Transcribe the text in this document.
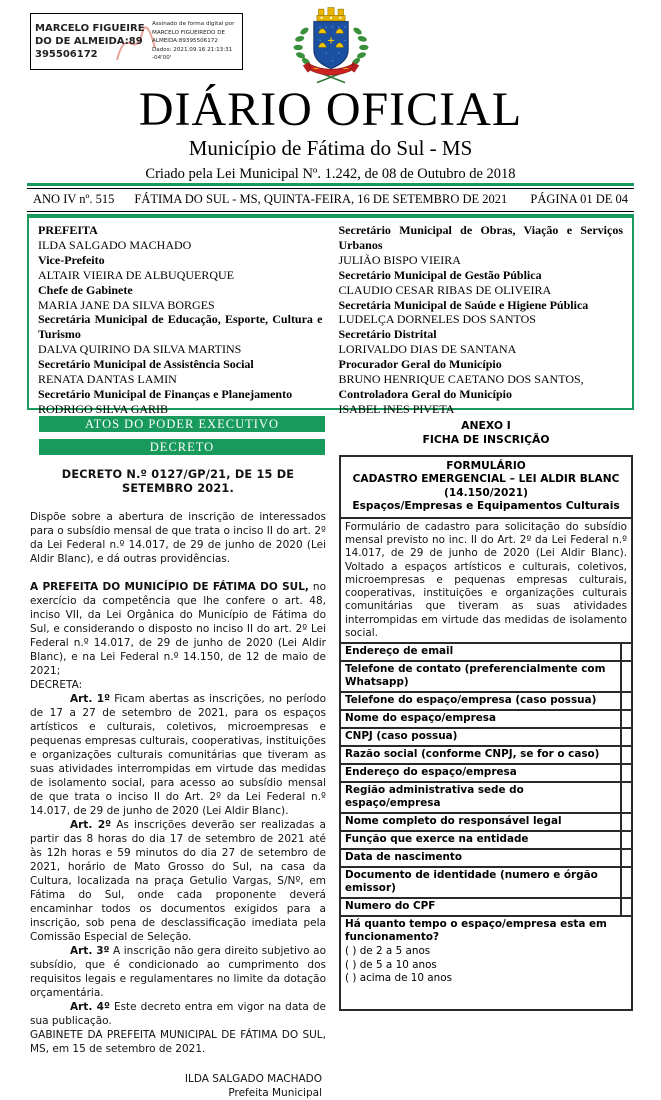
MARCELO FIGUEIREDO DE ALMEIDA:89395506172
Assinado de forma digital por
MARCELO FIGUEIREDO DE
ALMEIDA:89395506172
Dados: 2021.09.16 21:13:31 -04'00'
DIÁRIO OFICIAL
Município de Fátima do Sul - MS
Criado pela Lei Municipal Nº. 1.242, de 08 de Outubro de 2018
ANO IV nº. 515 FÁTIMA DO SUL - MS, QUINTA-FEIRA, 16 DE SETEMBRO DE 2021 PÁGINA 01 DE 04
PREFEITA
ILDA SALGADO MACHADO
Vice-Prefeito
ALTAIR VIEIRA DE ALBUQUERQUE
Chefe de Gabinete
MARIA JANE DA SILVA BORGES
Secretária Municipal de Educação, Esporte, Cultura e Turismo
DALVA QUIRINO DA SILVA MARTINS
Secretário Municipal de Assistência Social
RENATA DANTAS LAMIN
Secretário Municipal de Finanças e Planejamento
RODRIGO SILVA GARIB
Secretário Municipal de Obras, Viação e Serviços Urbanos
JULIÃO BISPO VIEIRA
Secretário Municipal de Gestão Pública
CLAUDIO CESAR RIBAS DE OLIVEIRA
Secretária Municipal de Saúde e Higiene Pública
LUDELÇA DORNELES DOS SANTOS
Secretário Distrital
LORIVALDO DIAS DE SANTANA
Procurador Geral do Município
BRUNO HENRIQUE CAETANO DOS SANTOS,
Controladora Geral do Município
ISABEL INES PIVETA
ATOS DO PODER EXECUTIVO
DECRETO
DECRETO N.º 0127/GP/21, DE 15 DE SETEMBRO 2021.
Dispõe sobre a abertura de inscrição de interessados para o subsídio mensal de que trata o inciso II do art. 2º da Lei Federal n.º 14.017, de 29 de junho de 2020 (Lei Aldir Blanc), e dá outras providências.
A PREFEITA DO MUNICÍPIO DE FÁTIMA DO SUL, no exercício da competência que lhe confere o art. 48, inciso VII, da Lei Orgânica do Município de Fátima do Sul, e considerando o disposto no inciso II do art. 2º Lei Federal n.º 14.017, de 29 de junho de 2020 (Lei Aldir Blanc), e na Lei Federal n.º 14.150, de 12 de maio de 2021;
DECRETA:
Art. 1º Ficam abertas as inscrições, no período de 17 a 27 de setembro de 2021, para os espaços artísticos e culturais, coletivos, microempresas e pequenas empresas culturais, cooperativas, instituições e organizações culturais comunitárias que tiveram as suas atividades interrompidas em virtude das medidas de isolamento social, para acesso ao subsídio mensal de que trata o inciso II do Art. 2º da Lei Federal n.º 14.017, de 29 de junho de 2020 (Lei Aldir Blanc).
Art. 2º As inscrições deverão ser realizadas a partir das 8 horas do dia 17 de setembro de 2021 até às 12h horas e 59 minutos do dia 27 de setembro de 2021, horário de Mato Grosso do Sul, na casa da Cultura, localizada na praça Getulio Vargas, S/Nº, em Fátima do Sul, onde cada proponente deverá encaminhar todos os documentos exigidos para a inscrição, sob pena de desclassificação imediata pela Comissão Especial de Seleção.
Art. 3º A inscrição não gera direito subjetivo ao subsídio, que é condicionado ao cumprimento dos requisitos legais e regulamentares no limite da dotação orçamentária.
Art. 4º Este decreto entra em vigor na data de sua publicação.
GABINETE DA PREFEITA MUNICIPAL DE FÁTIMA DO SUL, MS, em 15 de setembro de 2021.
ILDA SALGADO MACHADO
Prefeita Municipal
ANEXO I
FICHA DE INSCRIÇÃO
FORMULÁRIO
CADASTRO EMERGENCIAL – LEI ALDIR BLANC
(14.150/2021)
Espaços/Empresas e Equipamentos Culturais
Formulário de cadastro para solicitação do subsídio mensal previsto no inc. II do Art. 2º da Lei Federal n.º 14.017, de 29 de junho de 2020 (Lei Aldir Blanc). Voltado a espaços artísticos e culturais, coletivos, microempresas e pequenas empresas culturais, cooperativas, instituições e organizações culturais comunitárias que tiveram as suas atividades interrompidas em virtude das medidas de isolamento social.
Endereço de email
Telefone de contato (preferencialmente com Whatsapp)
Telefone do espaço/empresa (caso possua)
Nome do espaço/empresa
CNPJ (caso possua)
Razão social (conforme CNPJ, se for o caso)
Endereço do espaço/empresa
Região administrativa sede do espaço/empresa
Nome completo do responsável legal
Função que exerce na entidade
Data de nascimento
Documento de identidade (numero e órgão emissor)
Numero do CPF
Há quanto tempo o espaço/empresa esta em funcionamento?
( ) de 2 a 5 anos
( ) de 5 a 10 anos
( ) acima de 10 anos
